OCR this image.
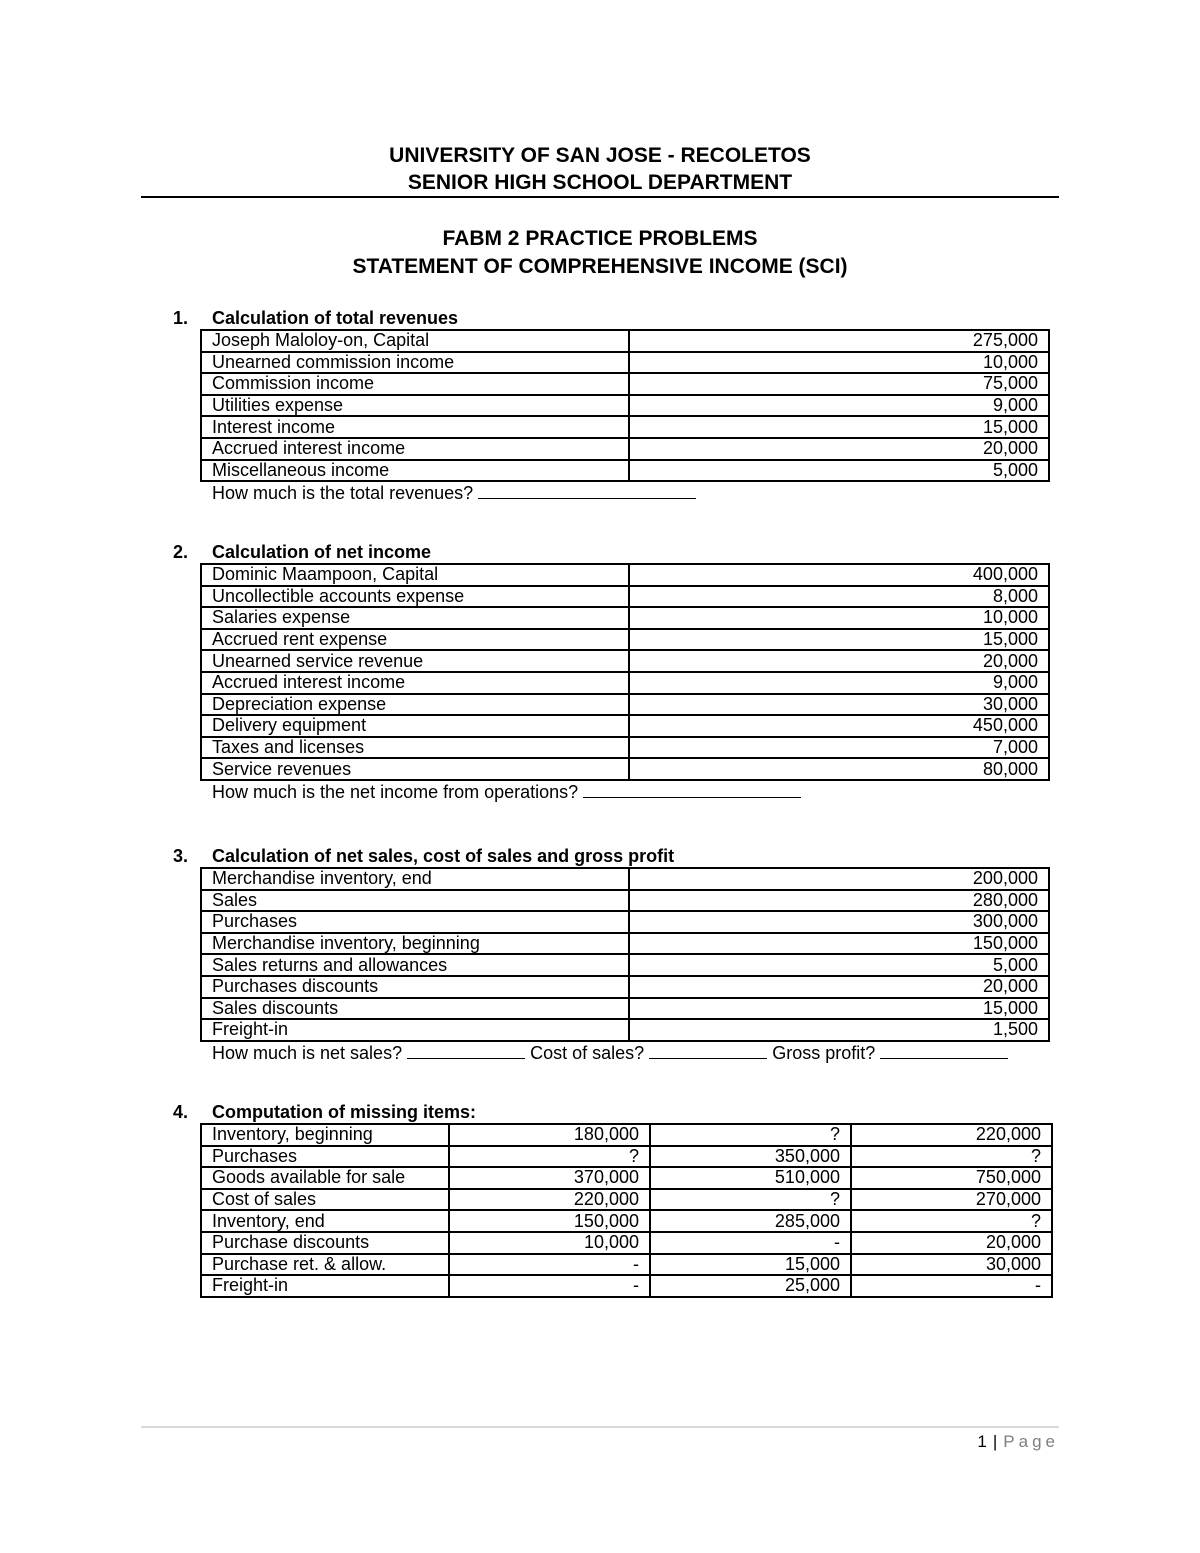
UNIVERSITY OF SAN JOSE - RECOLETOS
SENIOR HIGH SCHOOL DEPARTMENT
FABM 2 PRACTICE PROBLEMS
STATEMENT OF COMPREHENSIVE INCOME (SCI)
1. Calculation of total revenues
Joseph Maloloy-on, Capital	275,000
Unearned commission income	10,000
Commission income	75,000
Utilities expense	9,000
Interest income	15,000
Accrued interest income	20,000
Miscellaneous income	5,000
How much is the total revenues?
2. Calculation of net income
Dominic Maampoon, Capital	400,000
Uncollectible accounts expense	8,000
Salaries expense	10,000
Accrued rent expense	15,000
Unearned service revenue	20,000
Accrued interest income	9,000
Depreciation expense	30,000
Delivery equipment	450,000
Taxes and licenses	7,000
Service revenues	80,000
How much is the net income from operations?
3. Calculation of net sales, cost of sales and gross profit
Merchandise inventory, end	200,000
Sales	280,000
Purchases	300,000
Merchandise inventory, beginning	150,000
Sales returns and allowances	5,000
Purchases discounts	20,000
Sales discounts	15,000
Freight-in	1,500
How much is net sales?	Cost of sales?	Gross profit?
4. Computation of missing items:
Inventory, beginning	180,000	?	220,000
Purchases	?	350,000	?
Goods available for sale	370,000	510,000	750,000
Cost of sales	220,000	?	270,000
Inventory, end	150,000	285,000	?
Purchase discounts	10,000	-	20,000
Purchase ret. & allow.	-	15,000	30,000
Freight-in	-	25,000	-
1 | Page
